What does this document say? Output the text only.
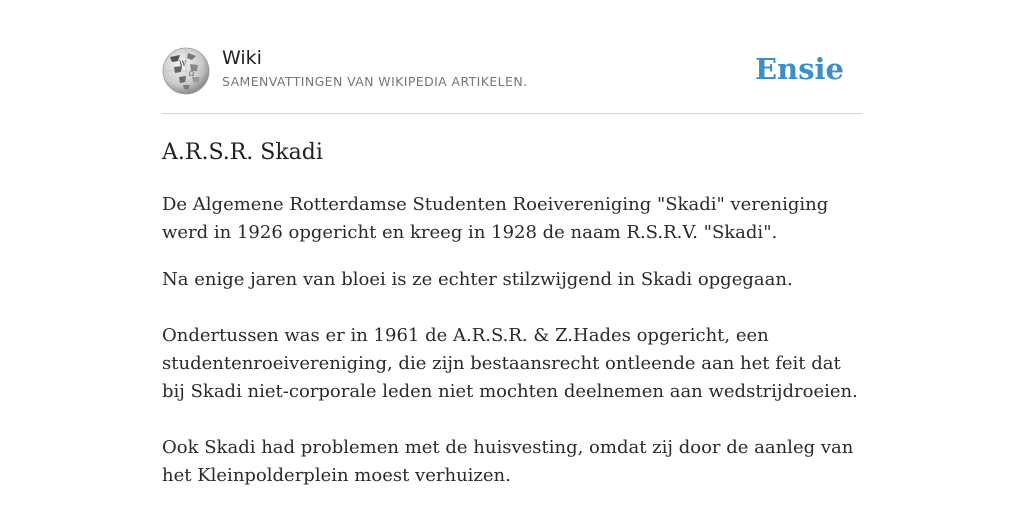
W
Ω
Wiki
SAMENVATTINGEN VAN WIKIPEDIA ARTIKELEN.	Ensie
A.R.S.R. Skadi

De Algemene Rotterdamse Studenten Roeivereniging "Skadi" vereniging werd in 1926 opgericht en kreeg in 1928 de naam R.S.R.V. "Skadi".

Na enige jaren van bloei is ze echter stilzwijgend in Skadi opgegaan.

Ondertussen was er in 1961 de A.R.S.R. & Z.Hades opgericht, een studentenroeivereniging, die zijn bestaansrecht ontleende aan het feit dat bij Skadi niet-corporale leden niet mochten deelnemen aan wedstrijdroeien.

Ook Skadi had problemen met de huisvesting, omdat zij door de aanleg van het Kleinpolderplein moest verhuizen.
